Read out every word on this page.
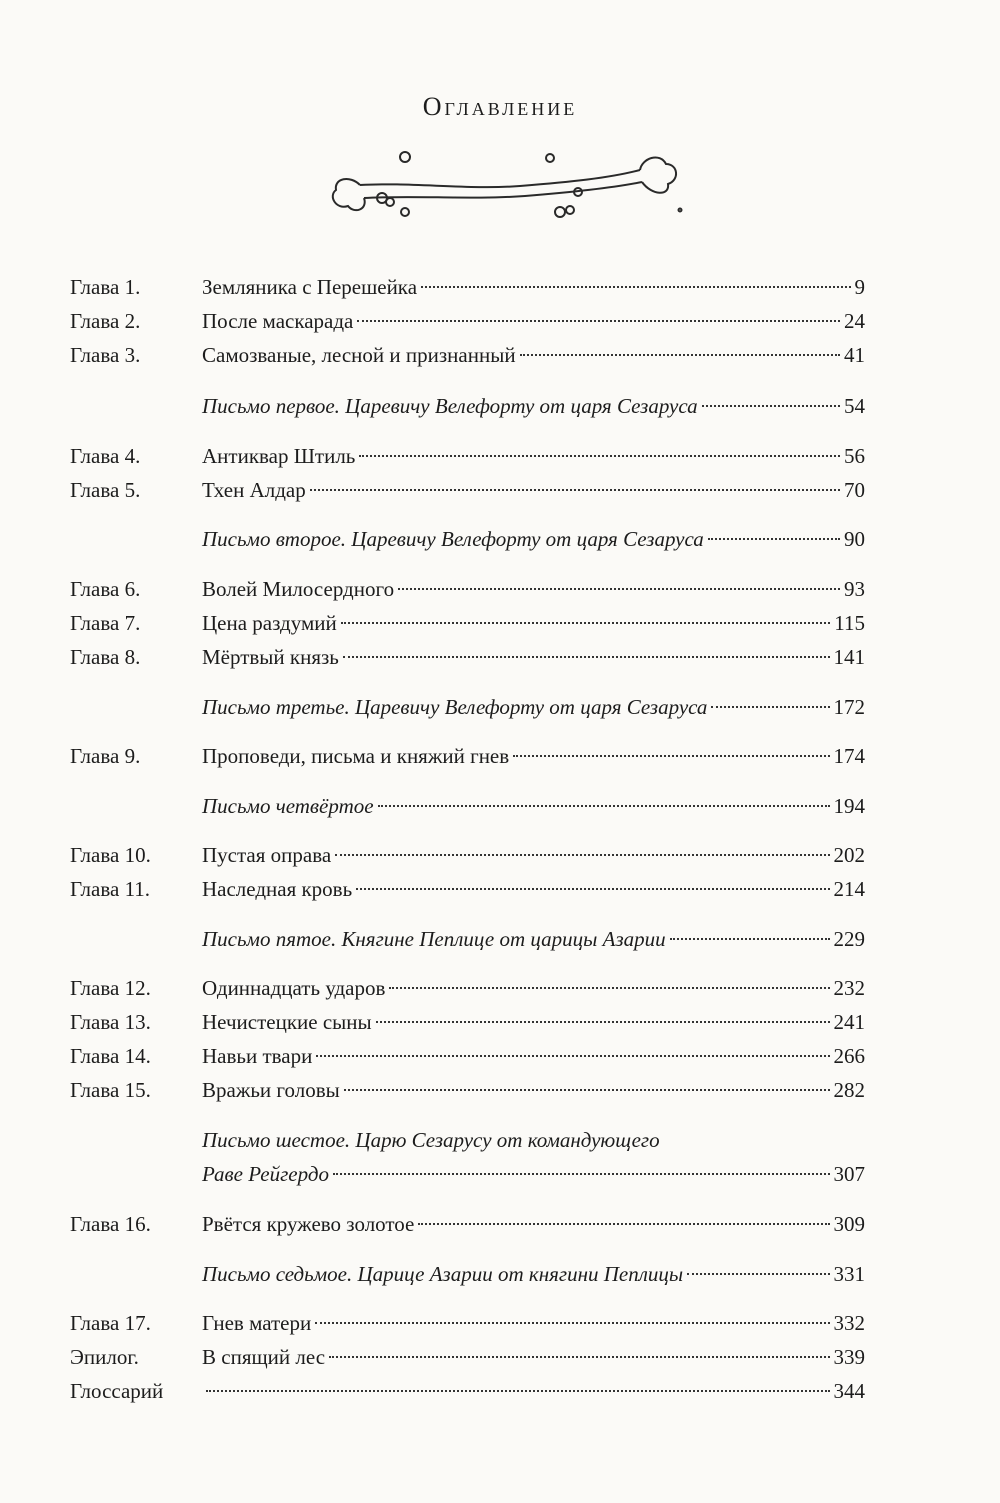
Оглавление
Глава 1.	Земляника с Перешейка	9
Глава 2.	После маскарада	24
Глава 3.	Самозваные, лесной и признанный	41
Письмо первое. Царевичу Велефорту от царя Сезаруса	54
Глава 4.	Антиквар Штиль	56
Глава 5.	Тхен Алдар	70
Письмо второе. Царевичу Велефорту от царя Сезаруса	90
Глава 6.	Волей Милосердного	93
Глава 7.	Цена раздумий	115
Глава 8.	Мёртвый князь	141
Письмо третье. Царевичу Велефорту от царя Сезаруса	172
Глава 9.	Проповеди, письма и княжий гнев	174
Письмо четвёртое	194
Глава 10.	Пустая оправа	202
Глава 11.	Наследная кровь	214
Письмо пятое. Княгине Пеплице от царицы Азарии	229
Глава 12.	Одиннадцать ударов	232
Глава 13.	Нечистецкие сыны	241
Глава 14.	Навьи твари	266
Глава 15.	Вражьи головы	282
Письмо шестое. Царю Сезарусу от командующего
Раве Рейгердо	307
Глава 16.	Рвётся кружево золотое	309
Письмо седьмое. Царице Азарии от княгини Пеплицы	331
Глава 17.	Гнев матери	332
Эпилог.	В спящий лес	339
Глоссарий	344
